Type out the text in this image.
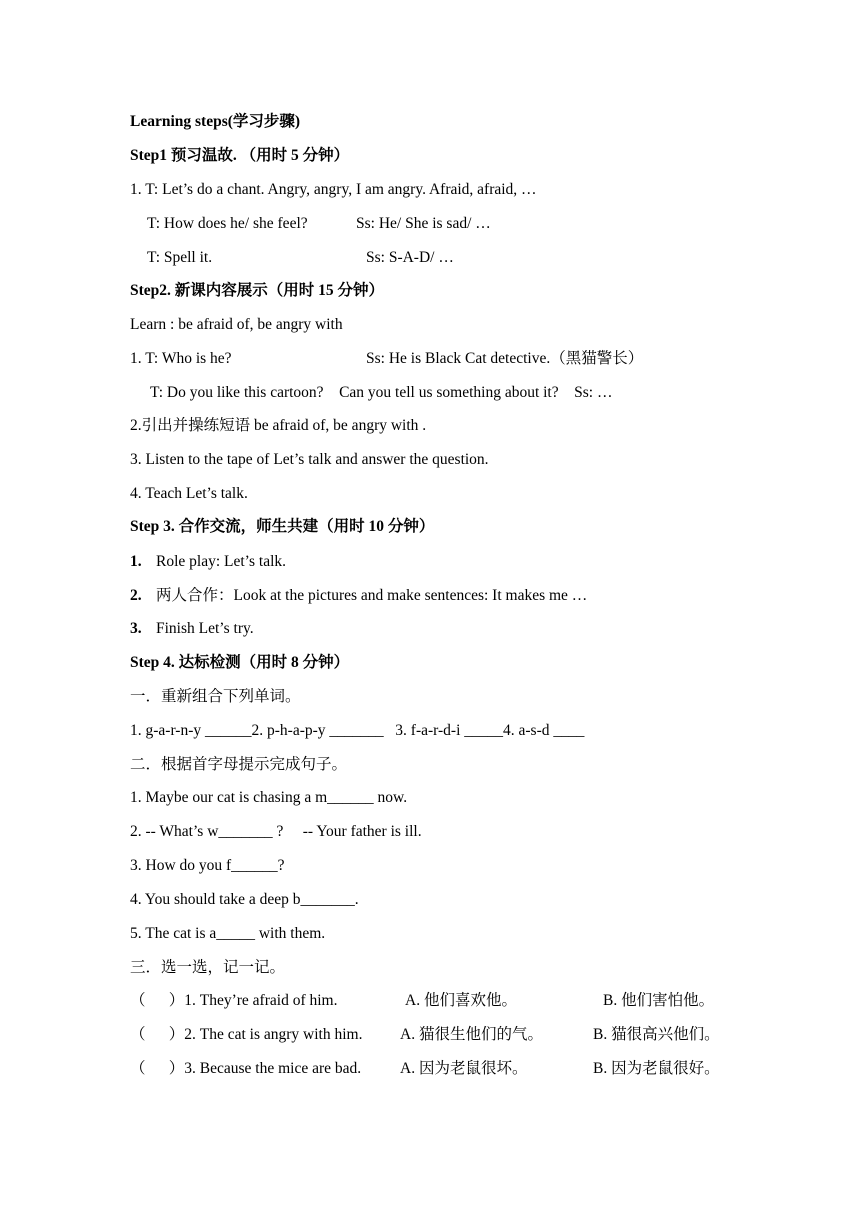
Learning steps(学习步骤)
Step1 预习温故. （用时 5 分钟）
1. T: Let’s do a chant. Angry, angry, I am angry. Afraid, afraid, …
T: How does he/ she feel?	Ss: He/ She is sad/ …
T: Spell it.	Ss: S-A-D/ …
Step2. 新课内容展示（用时 15 分钟）
Learn : be afraid of, be angry with
1. T: Who is he?	Ss: He is Black Cat detective.（黑猫警长）
T: Do you like this cartoon?    Can you tell us something about it?    Ss: …
2.引出并操练短语 be afraid of, be angry with .
3. Listen to the tape of Let’s talk and answer the question.
4. Teach Let’s talk.
Step 3. 合作交流，师生共建（用时 10 分钟）
1. Role play: Let’s talk.
2. 两人合作：Look at the pictures and make sentences: It makes me …
3. Finish Let’s try.
Step 4. 达标检测（用时 8 分钟）
一．重新组合下列单词。
1. g-a-r-n-y ______2. p-h-a-p-y _______   3. f-a-r-d-i _____4. a-s-d ____
二．根据首字母提示完成句子。
1. Maybe our cat is chasing a m______ now.
2. -- What’s w_______ ?     -- Your father is ill.
3. How do you f______?
4. You should take a deep b_______.
5. The cat is a_____ with them.
三．选一选，记一记。
（      ）1. They’re afraid of him.	A. 他们喜欢他。	B. 他们害怕他。
（      ）2. The cat is angry with him. A. 猫很生他们的气。	B. 猫很高兴他们。
（      ）3. Because the mice are bad.	A. 因为老鼠很坏。	B. 因为老鼠很好。
